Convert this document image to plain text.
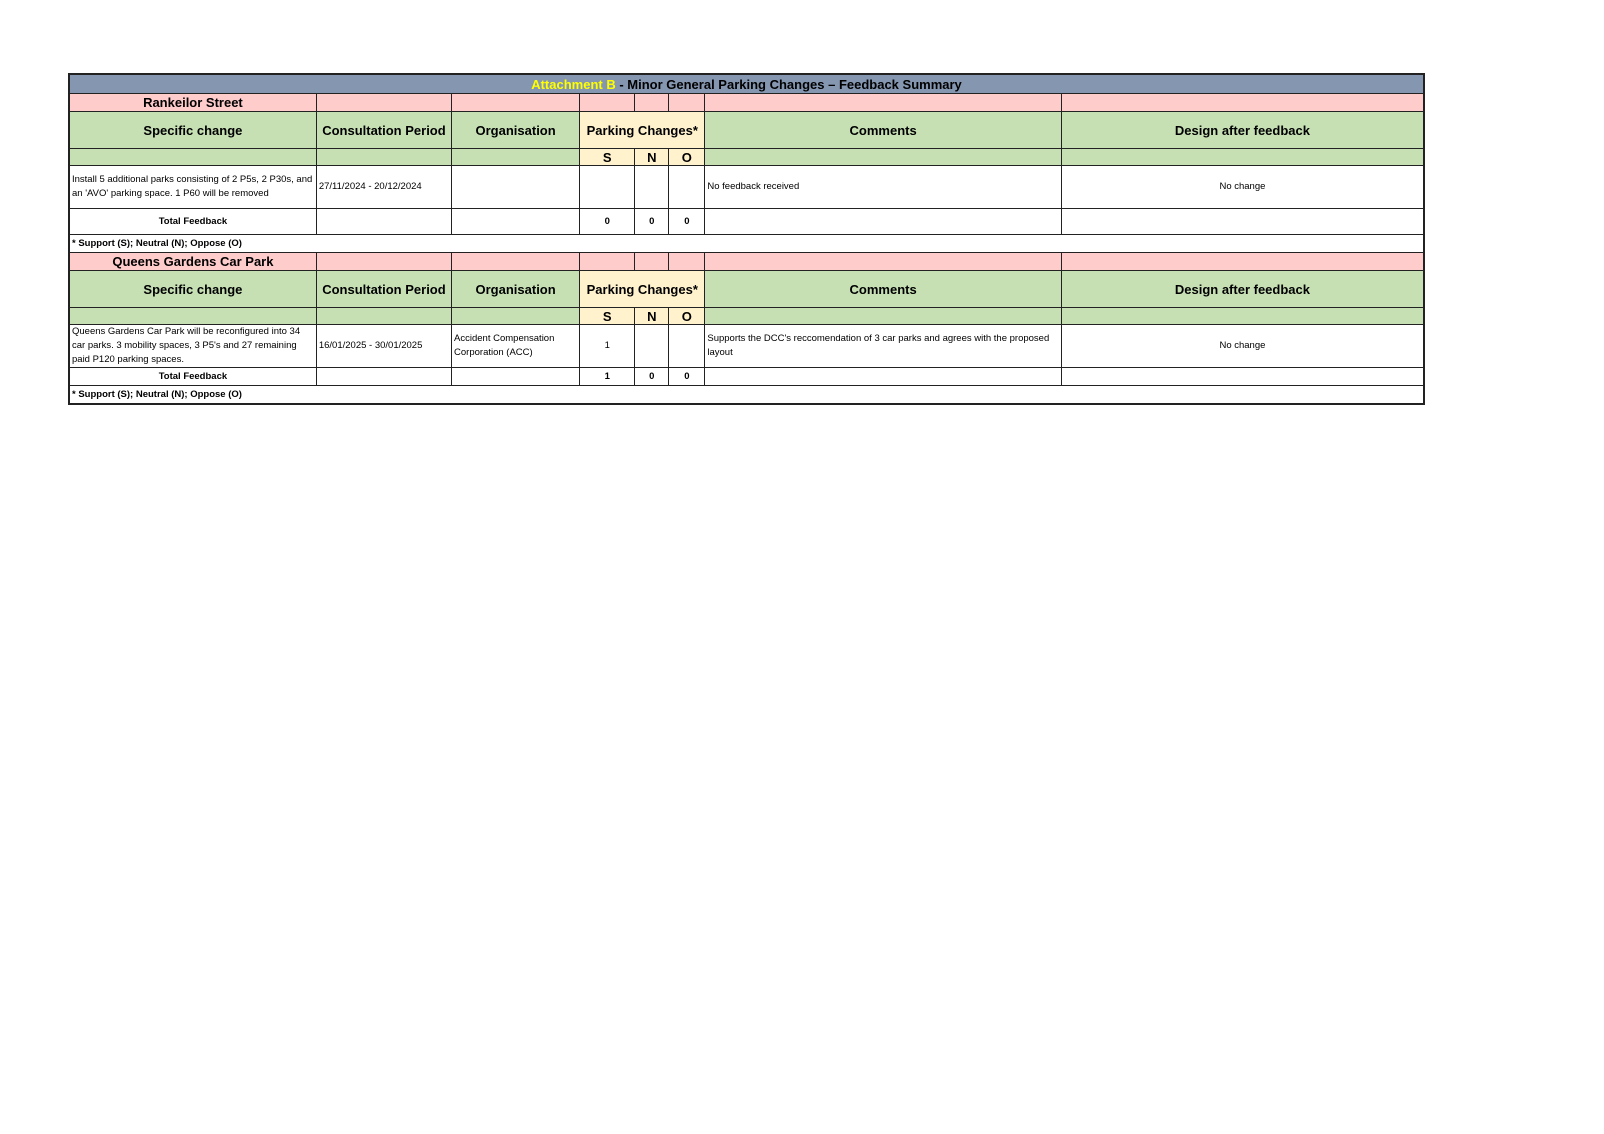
Attachment B - Minor General Parking Changes – Feedback Summary							
Rankeilor Street							
Specific change	Consultation Period	Organisation	Parking Changes*			Comments	Design after feedback
			S	N	O		
Install 5 additional parks consisting of 2 P5s, 2 P30s, and an 'AVO' parking space. 1 P60 will be removed	27/11/2024 - 20/12/2024					No feedback received	No change
Total Feedback			0	0	0		
* Support (S); Neutral (N); Oppose (O)							
Queens Gardens Car Park							
Specific change	Consultation Period	Organisation	Parking Changes*			Comments	Design after feedback
			S	N	O		
Queens Gardens Car Park will be reconfigured into 34 car parks. 3 mobility spaces, 3 P5's and 27 remaining paid P120 parking spaces.	16/01/2025 - 30/01/2025	Accident Compensation Corporation (ACC)	1			Supports the DCC's reccomendation of 3 car parks and agrees with the proposed layout	No change
Total Feedback			1	0	0		
* Support (S); Neutral (N); Oppose (O)							
